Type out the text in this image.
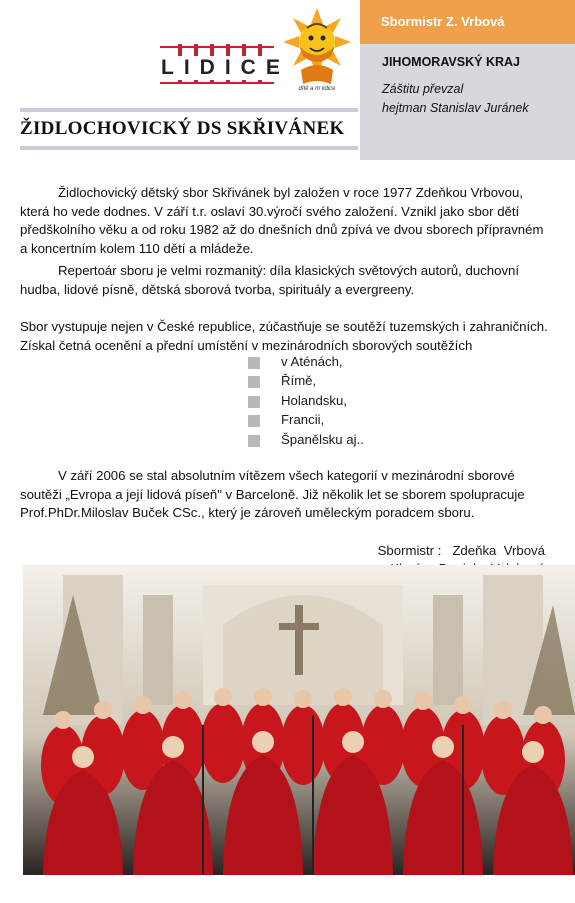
LIDICE
dítě a m lidice
ŽIDLOCHOVICKÝ DS SKŘIVÁNEK
Sbormistr Z. Vrbová
JIHOMORAVSKÝ KRAJ
Záštitu převzal
hejtman Stanislav Juránek
Židlochovický dětský sbor Skřivánek byl založen v roce 1977 Zdeňkou Vrbovou,
která ho vede dodnes. V září t.r. oslaví 30.výročí svého založení. Vznikl jako sbor dětí
předškolního věku a od roku 1982 až do dnešních dnů zpívá ve dvou sborech přípravném
a koncertním kolem 110 dětí a mládeže.
Repertoár sboru je velmi rozmanitý: díla klasických světových autorů, duchovní
hudba, lidové písně, dětská sborová tvorba, spirituály a evergreeny.
Sbor vystupuje nejen v České republice, zúčastňuje se soutěží tuzemských i zahraničních.
Získal četná ocenění a přední umístění v mezinárodních sborových soutěžích
v Aténách,
Římě,
Holandsku,
Francii,
Španělsku aj..
V září 2006 se stal absolutním vítězem všech kategorií v mezinárodní sborové
soutěži „Evropa a její lidová píseň" v Barceloně. Již několik let se sborem spolupracuje
Prof.PhDr.Miloslav Buček CSc., který je zároveň uměleckým poradcem sboru.
Sbormistr :   Zdeňka  Vrbová
